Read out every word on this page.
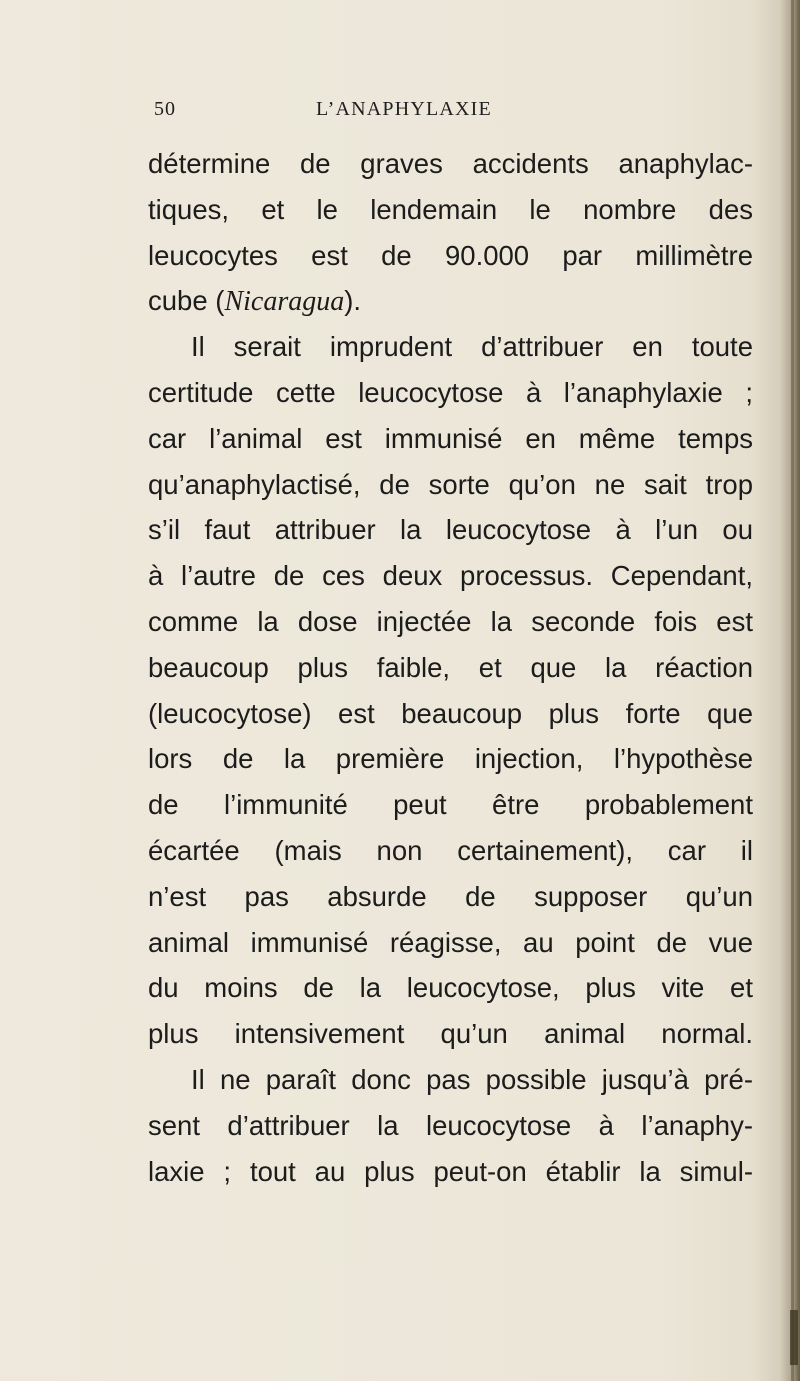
50	L’ANAPHYLAXIE
détermine de graves accidents anaphylac-
tiques, et le lendemain le nombre des
leucocytes est de 90.000 par millimètre
cube (Nicaragua).
Il serait imprudent d’attribuer en toute
certitude cette leucocytose à l’anaphylaxie ;
car l’animal est immunisé en même temps
qu’anaphylactisé, de sorte qu’on ne sait trop
s’il faut attribuer la leucocytose à l’un ou
à l’autre de ces deux processus. Cependant,
comme la dose injectée la seconde fois est
beaucoup plus faible, et que la réaction
(leucocytose) est beaucoup plus forte que
lors de la première injection, l’hypothèse
de l’immunité peut être probablement
écartée (mais non certainement), car il
n’est pas absurde de supposer qu’un
animal immunisé réagisse, au point de vue
du moins de la leucocytose, plus vite et
plus intensivement qu’un animal normal.
Il ne paraît donc pas possible jusqu’à pré-
sent d’attribuer la leucocytose à l’anaphy-
laxie ; tout au plus peut-on établir la simul-
